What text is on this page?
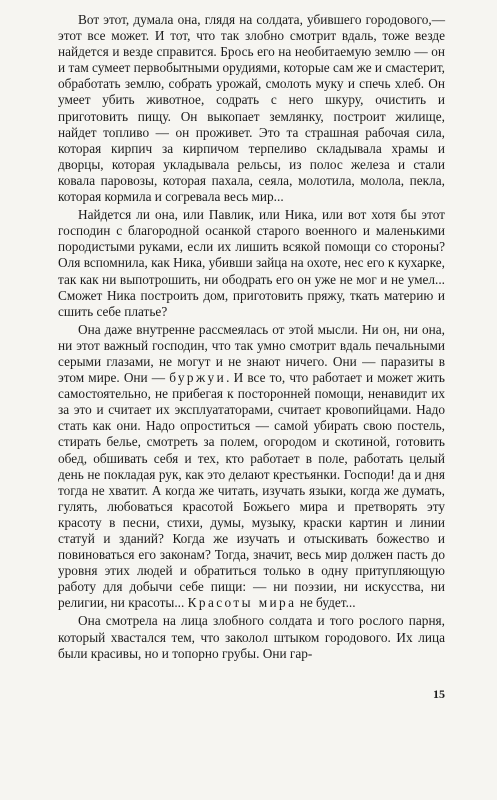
Вот этот, думала она, глядя на солдата, убившего городового,— этот все может. И тот, что так злобно смотрит вдаль, тоже везде найдется и везде справится. Брось его на необитаемую землю — он и там сумеет первобытными орудиями, которые сам же и смастерит, обработать землю, собрать урожай, смолоть муку и спечь хлеб. Он умеет убить животное, содрать с него шкуру, очистить и приготовить пищу. Он выкопает землянку, построит жилище, найдет топливо — он проживет. Это та страшная рабочая сила, которая кирпич за кирпичом терпеливо складывала храмы и дворцы, которая укладывала рельсы, из полос железа и стали ковала паровозы, которая пахала, сеяла, молотила, молола, пекла, которая кормила и согревала весь мир...

Найдется ли она, или Павлик, или Ника, или вот хотя бы этот господин с благородной осанкой старого военного и маленькими породистыми руками, если их лишить всякой помощи со стороны? Оля вспомнила, как Ника, убивши зайца на охоте, нес его к кухарке, так как ни выпотрошить, ни ободрать его он уже не мог и не умел... Сможет Ника построить дом, приготовить пряжу, ткать материю и сшить себе платье?

Она даже внутренне рассмеялась от этой мысли. Ни он, ни она, ни этот важный господин, что так умно смотрит вдаль печальными серыми глазами, не могут и не знают ничего. Они — паразиты в этом мире. Они — буржуи. И все то, что работает и может жить самостоятельно, не прибегая к посторонней помощи, ненавидит их за это и считает их эксплуататорами, считает кровопийцами. Надо стать как они. Надо опроститься — самой убирать свою постель, стирать белье, смотреть за полем, огородом и скотиной, готовить обед, обшивать себя и тех, кто работает в поле, работать целый день не покладая рук, как это делают крестьянки. Господи! да и дня тогда не хватит. А когда же читать, изучать языки, когда же думать, гулять, любоваться красотой Божьего мира и претворять эту красоту в песни, стихи, думы, музыку, краски картин и линии статуй и зданий? Когда же изучать и отыскивать божество и повиноваться его законам? Тогда, значит, весь мир должен пасть до уровня этих людей и обратиться только в одну притупляющую работу для добычи себе пищи: — ни поэзии, ни искусства, ни религии, ни красоты... Красоты мира не будет...

Она смотрела на лица злобного солдата и того рослого парня, который хвастался тем, что заколол штыком городового. Их лица были красивы, но и топорно грубы. Они гар-

15
